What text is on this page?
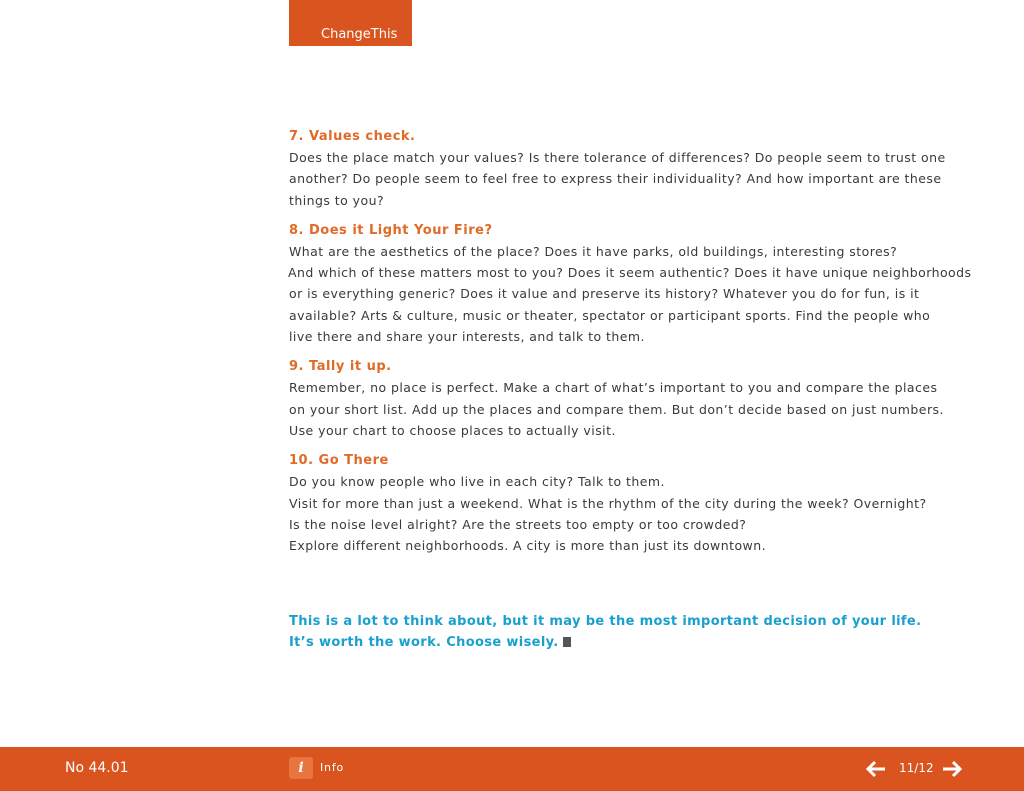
ChangeThis
7. Values check.
Does the place match your values? Is there tolerance of differences? Do people seem to trust one
another? Do people seem to feel free to express their individuality? And how important are these
things to you?
8. Does it Light Your Fire?
What are the aesthetics of the place? Does it have parks, old buildings, interesting stores?
And which of these matters most to you? Does it seem authentic? Does it have unique neighborhoods
or is everything generic? Does it value and preserve its history? Whatever you do for fun, is it
available? Arts & culture, music or theater, spectator or participant sports. Find the people who
live there and share your interests, and talk to them.
9. Tally it up.
Remember, no place is perfect. Make a chart of what’s important to you and compare the places
on your short list. Add up the places and compare them. But don’t decide based on just numbers.
Use your chart to choose places to actually visit.
10. Go There
Do you know people who live in each city? Talk to them.
Visit for more than just a weekend. What is the rhythm of the city during the week? Overnight?
Is the noise level alright? Are the streets too empty or too crowded?
Explore different neighborhoods. A city is more than just its downtown.
This is a lot to think about, but it may be the most important decision of your life.
It’s worth the work. Choose wisely.
No 44.01	i	Info	11/12
